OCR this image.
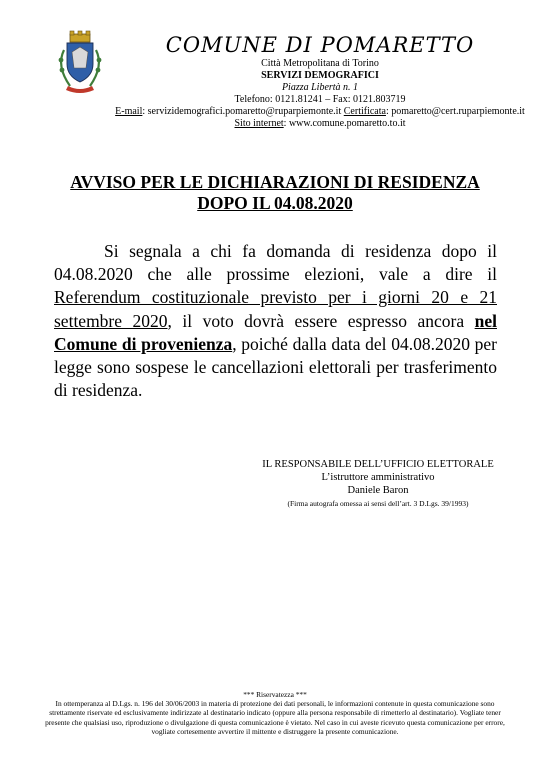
COMUNE DI POMARETTO
Città Metropolitana di Torino
SERVIZI DEMOGRAFICI
Piazza Libertà n. 1
Telefono: 0121.81241 – Fax: 0121.803719
E-mail: servizidemografici.pomaretto@ruparpiemonte.it Certificata: pomaretto@cert.ruparpiemonte.it
Sito internet: www.comune.pomaretto.to.it
AVVISO PER LE DICHIARAZIONI DI RESIDENZA
DOPO IL 04.08.2020

Si segnala a chi fa domanda di residenza dopo il 04.08.2020 che alle prossime elezioni, vale a dire il Referendum costituzionale previsto per i giorni 20 e 21 settembre 2020, il voto dovrà essere espresso ancora nel Comune di provenienza, poiché dalla data del 04.08.2020 per legge sono sospese le cancellazioni elettorali per trasferimento di residenza.

IL RESPONSABILE DELL’UFFICIO ELETTORALE
L’istruttore amministrativo
Daniele Baron
(Firma autografa omessa ai sensi dell’art. 3 D.Lgs. 39/1993)
*** Riservatezza ***
In ottemperanza al D.Lgs. n. 196 del 30/06/2003 in materia di protezione dei dati personali, le informazioni contenute in questa comunicazione sono strettamente riservate ed esclusivamente indirizzate al destinatario indicato (oppure alla persona responsabile di rimetterlo al destinatario). Vogliate tener presente che qualsiasi uso, riproduzione o divulgazione di questa comunicazione è vietato. Nel caso in cui aveste ricevuto questa comunicazione per errore, vogliate cortesemente avvertire il mittente e distruggere la presente comunicazione.
